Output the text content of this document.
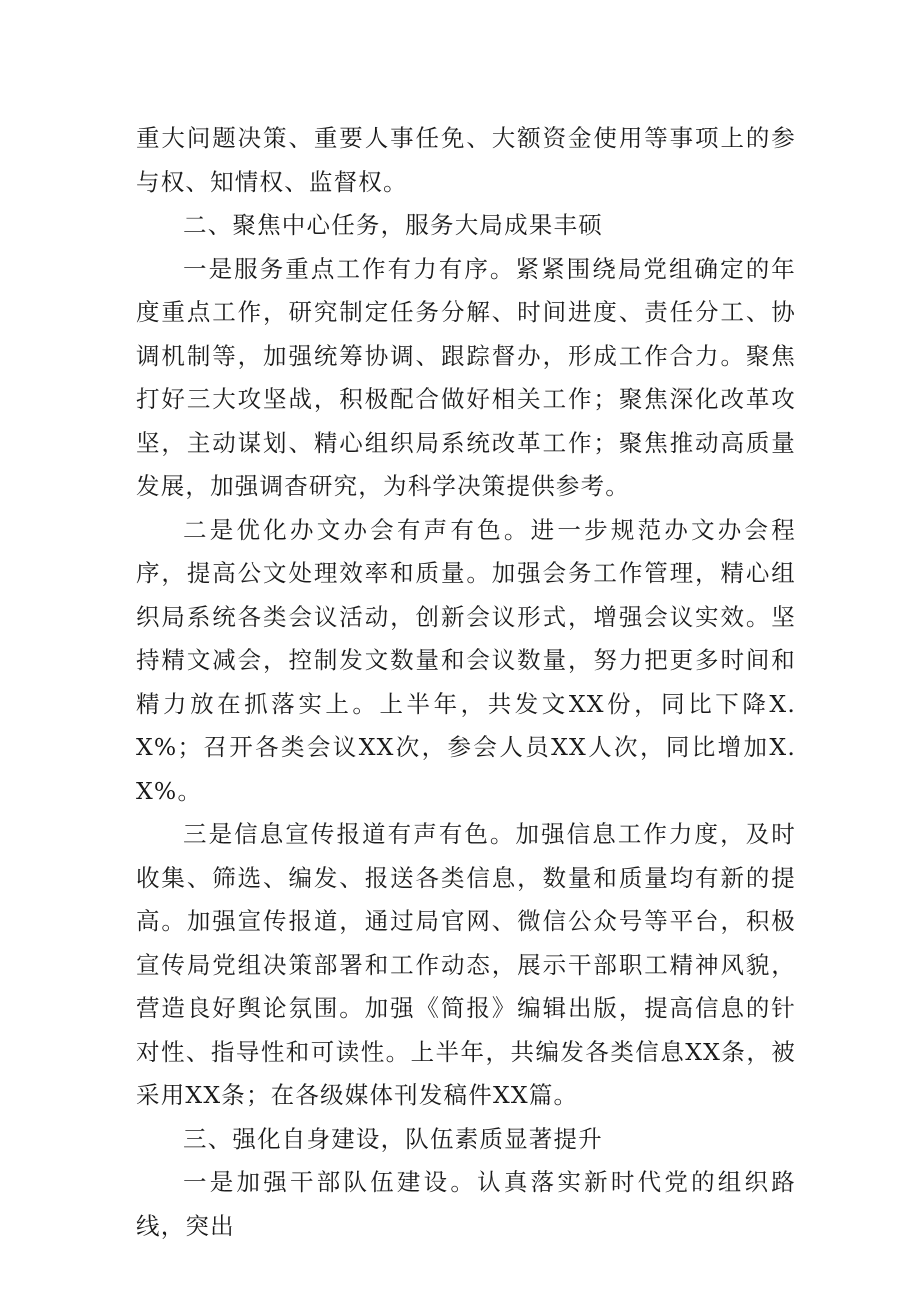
重大问题决策、重要人事任免、大额资金使用等事项上的参与权、知情权、监督权。

二、聚焦中心任务，服务大局成果丰硕

一是服务重点工作有力有序。紧紧围绕局党组确定的年度重点工作，研究制定任务分解、时间进度、责任分工、协调机制等，加强统筹协调、跟踪督办，形成工作合力。聚焦打好三大攻坚战，积极配合做好相关工作；聚焦深化改革攻坚，主动谋划、精心组织局系统改革工作；聚焦推动高质量发展，加强调杳研究，为科学决策提供参考。

二是优化办文办会有声有色。进一步规范办文办会程序，提高公文处理效率和质量。加强会务工作管理，精心组织局系统各类会议活动，创新会议形式，增强会议实效。坚持精文减会，控制发文数量和会议数量，努力把更多时间和精力放在抓落实上。上半年，共发文XX份，同比下降X.X%；召开各类会议XX次，参会人员XX人次，同比增加X.X%。

三是信息宣传报道有声有色。加强信息工作力度，及时收集、筛选、编发、报送各类信息，数量和质量均有新的提高。加强宣传报道，通过局官网、微信公众号等平台，积极宣传局党组决策部署和工作动态，展示干部职工精神风貌，营造良好舆论氛围。加强《简报》编辑出版，提高信息的针对性、指导性和可读性。上半年，共编发各类信息XX条，被采用XX条；在各级媒体刊发稿件XX篇。

三、强化自身建设，队伍素质显著提升

一是加强干部队伍建设。认真落实新时代党的组织路线，突出
